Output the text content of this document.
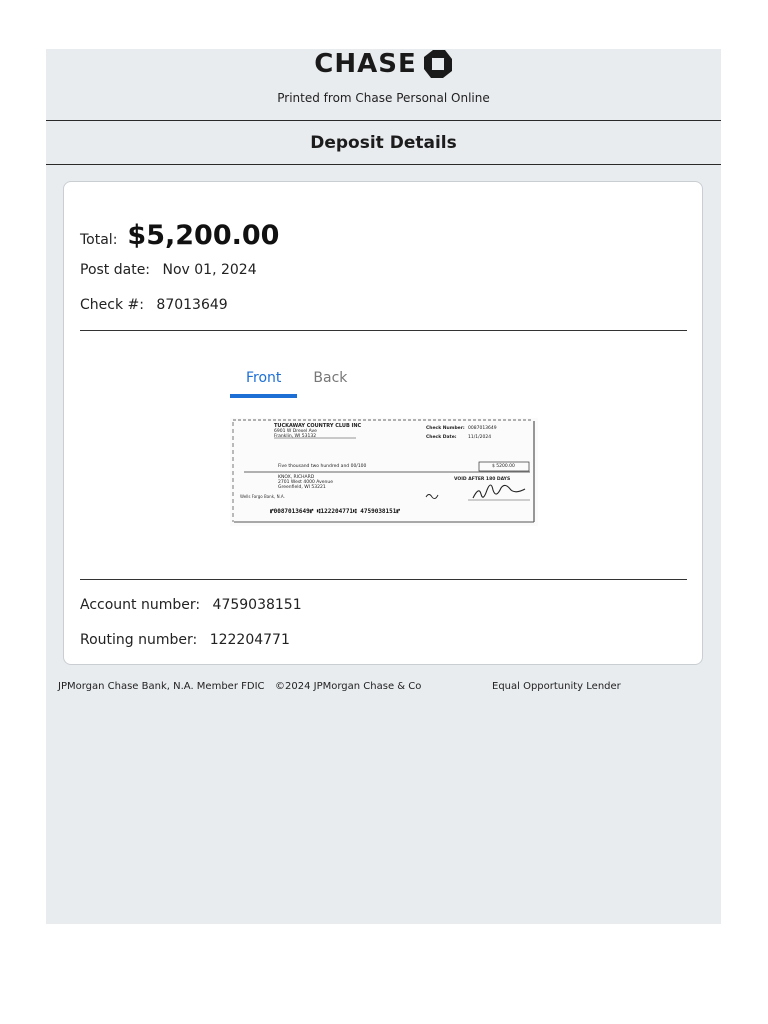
CHASE
Printed from Chase Personal Online
Deposit Details
Total: $5,200.00
Post date: Nov 01, 2024
Check #: 87013649
Front	Back
TUCKAWAY COUNTRY CLUB INC
6901 W Drexel Ave
Franklin, WI 53132
Check Number: 0087013649
Check Date:	11/1/2024
Five thousand two hundred and 00/100	$ 5200.00
KNOX, RICHARD
2701 West 4000 Avenue
Greenfield, WI 53221
VOID AFTER 180 DAYS
Wells Fargo Bank, N.A.
⑈0087013649⑈ ⑆122204771⑆ 4759038151⑈
Account number: 4759038151
Routing number: 122204771
JPMorgan Chase Bank, N.A. Member FDIC ©2024 JPMorgan Chase & Co	Equal Opportunity Lender
